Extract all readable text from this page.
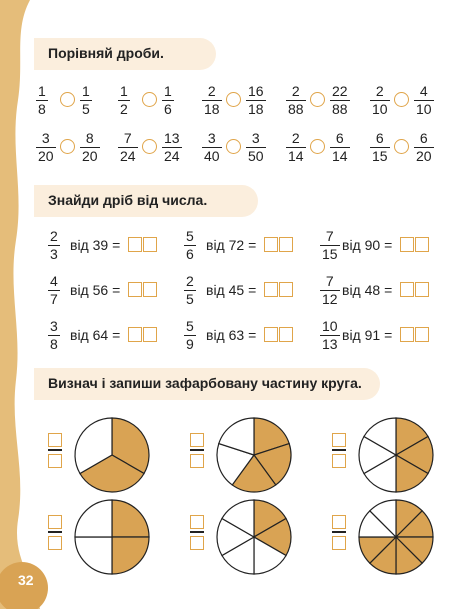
32
Порівняй дроби.
1
8
1
5
1
2
1
6
2
18
16
18
2
88
22
88
2
10
4
10
3
20
8
20
7
24
13
24
3
40
3
50
2
14
6
14
6
15
6
20
Знайди дріб від числа.
2
3
від 39 =
5
6
від 72 =
7
15
від 90 =
4
7
від 56 =
2
5
від 45 =
7
12
від 48 =
3
8
від 64 =
5
9
від 63 =
10
13
від 91 =
Визнач і запиши зафарбовану частину круга.
